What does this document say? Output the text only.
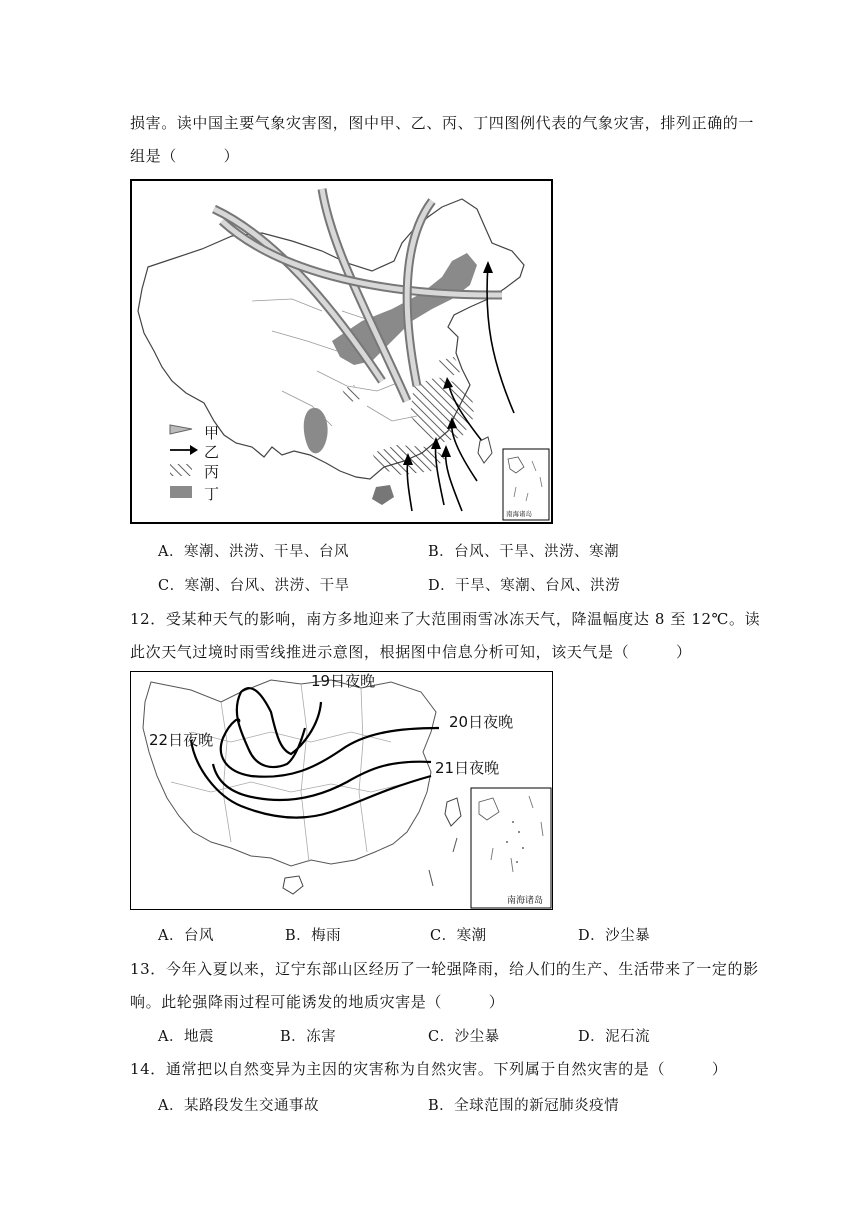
损害。读中国主要气象灾害图，图中甲、乙、丙、丁四图例代表的气象灾害，排列正确的一
组是（　　　）
甲
乙
丙
丁
南海诸岛
A．寒潮、洪涝、干旱、台风	B．台风、干旱、洪涝、寒潮
C．寒潮、台风、洪涝、干旱	D．干旱、寒潮、台风、洪涝
12．受某种天气的影响，南方多地迎来了大范围雨雪冰冻天气，降温幅度达 8 至 12℃。读
此次天气过境时雨雪线推进示意图，根据图中信息分析可知，该天气是（　　　）
19日夜晚
20日夜晚
21日夜晚
22日夜晚
南海诸岛
A．台风	B．梅雨	C．寒潮	D．沙尘暴
13．今年入夏以来，辽宁东部山区经历了一轮强降雨，给人们的生产、生活带来了一定的影
响。此轮强降雨过程可能诱发的地质灾害是（　　　）
A．地震	B．冻害	C．沙尘暴	D．泥石流
14．通常把以自然变异为主因的灾害称为自然灾害。下列属于自然灾害的是（　　　）
A．某路段发生交通事故	B．全球范围的新冠肺炎疫情
